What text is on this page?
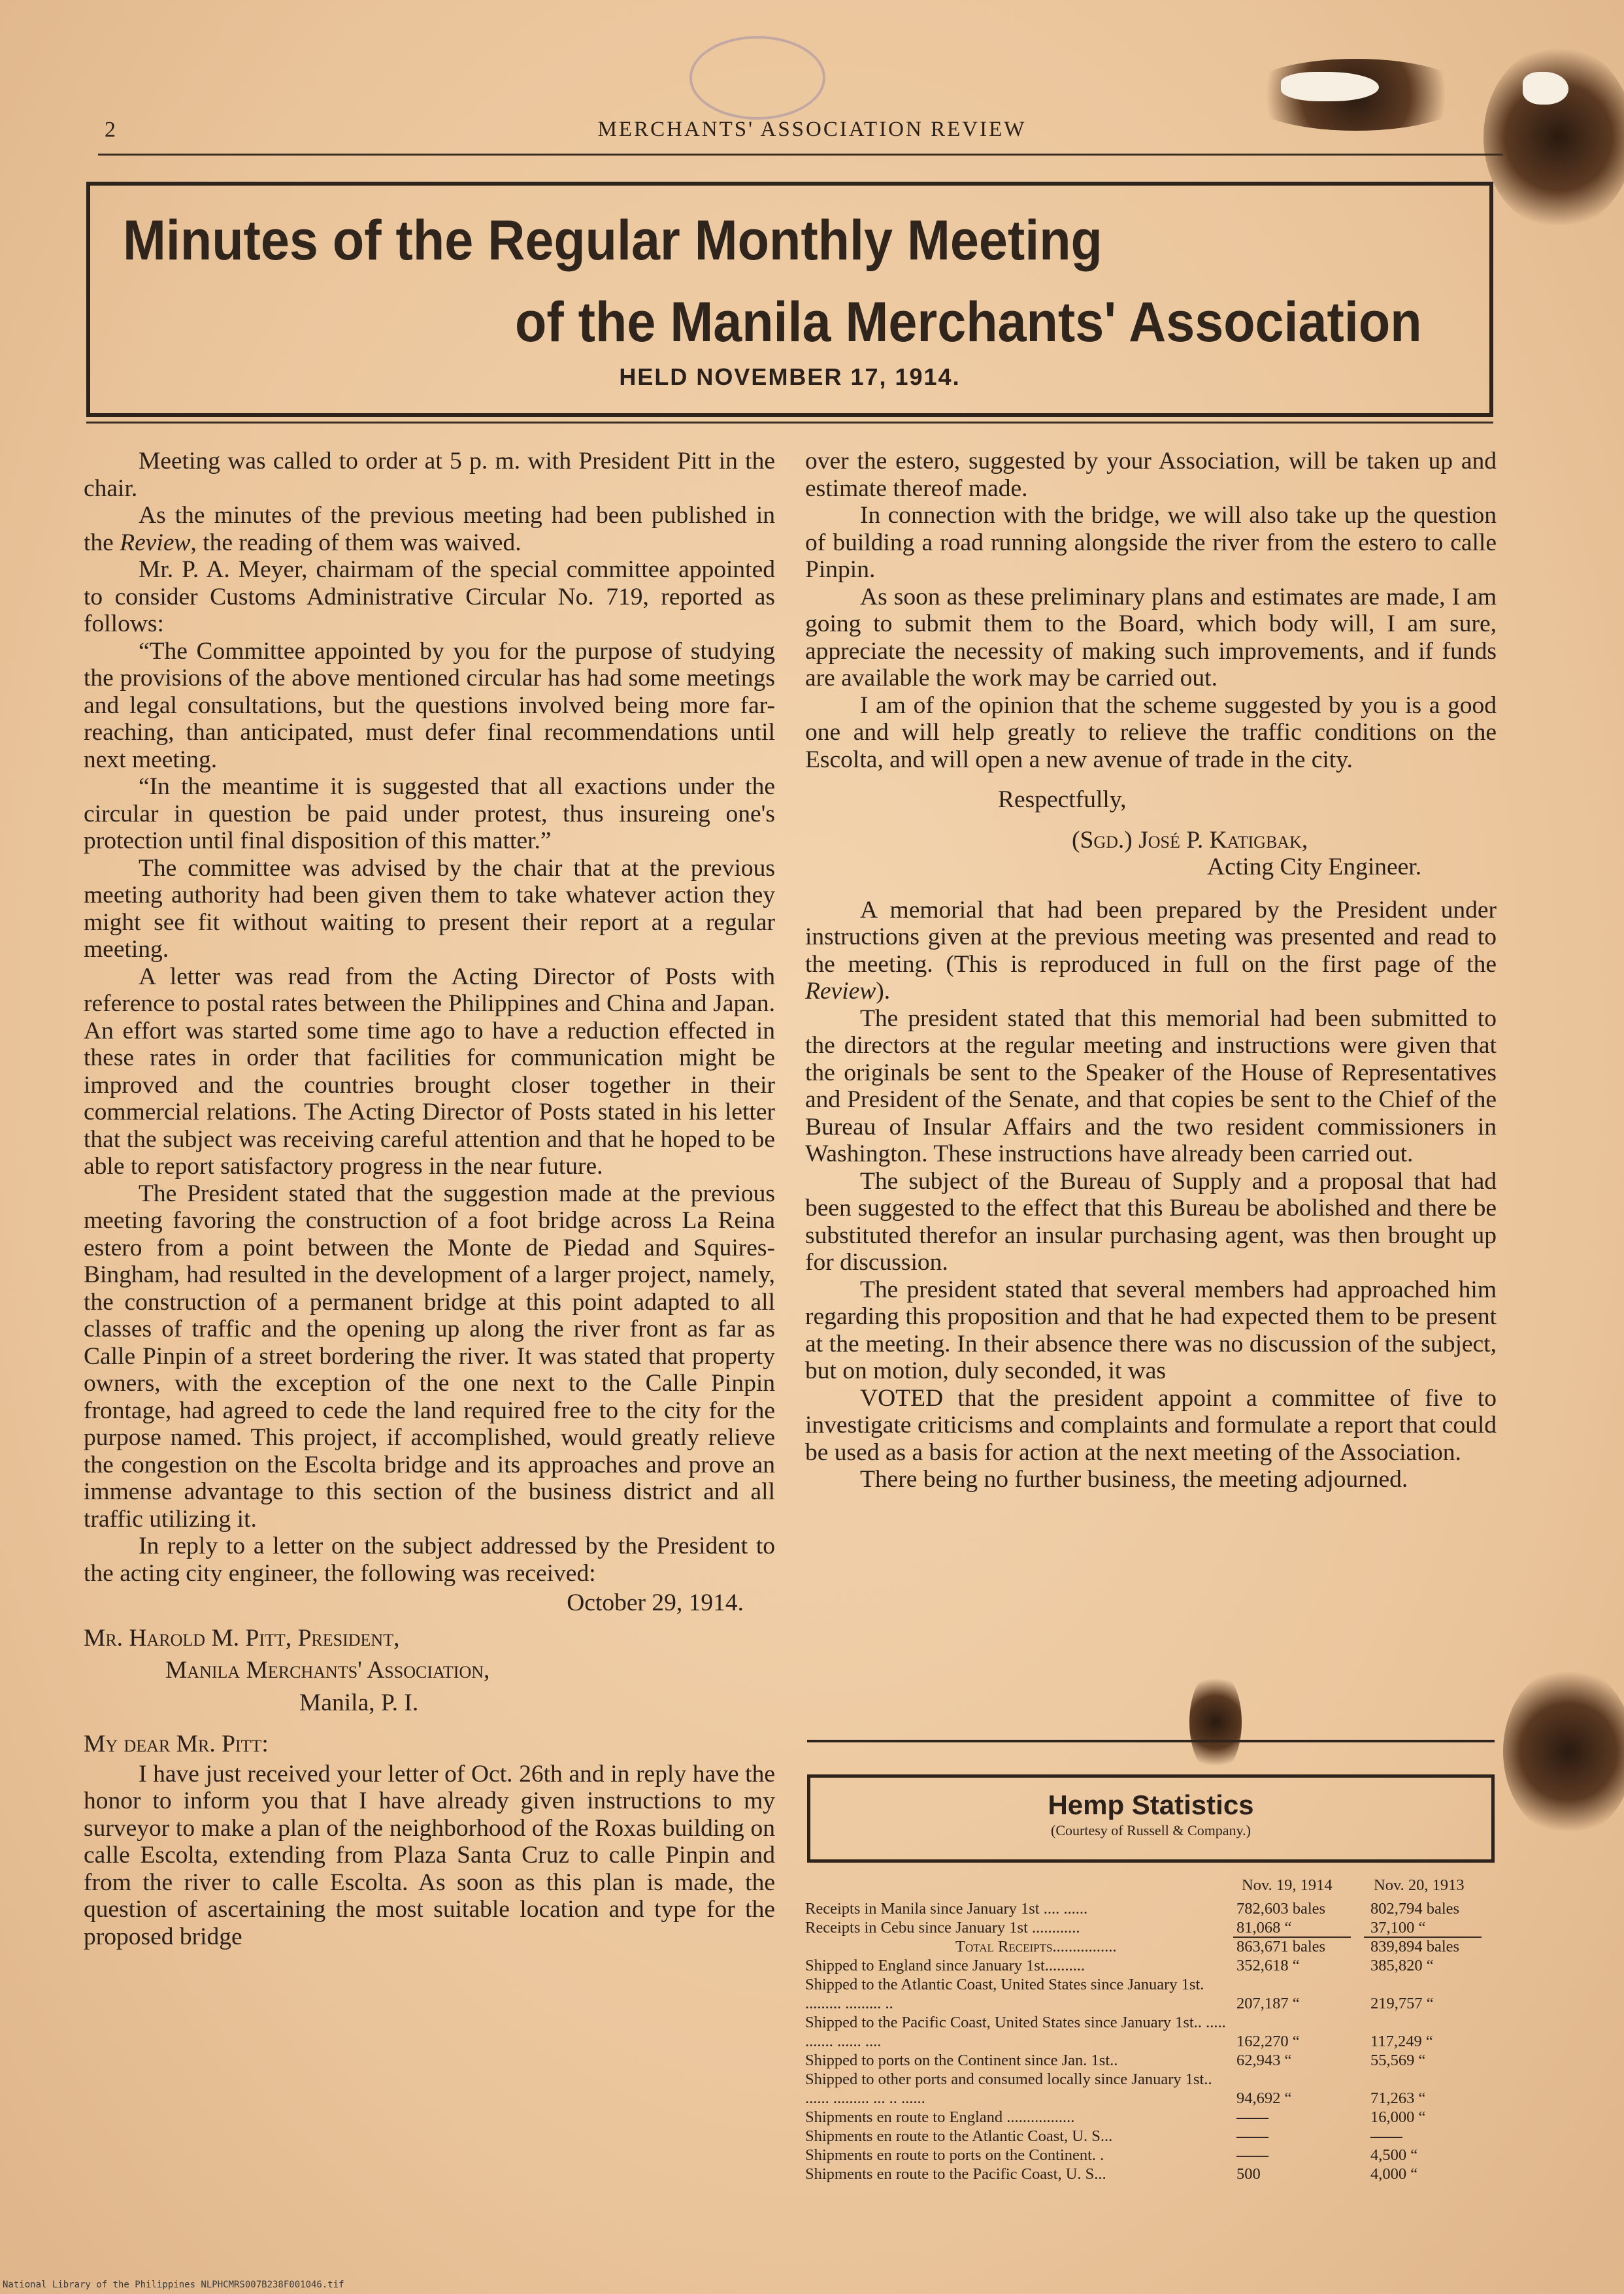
2	MERCHANTS' ASSOCIATION REVIEW
Minutes of the Regular Monthly Meeting
of the Manila Merchants' Association
HELD NOVEMBER 17, 1914.

Meeting was called to order at 5 p. m. with President Pitt in the chair.

As the minutes of the previous meeting had been published in the Review, the reading of them was waived.

Mr. P. A. Meyer, chairmam of the special committee appointed to consider Customs Administrative Circular No. 719, reported as follows:

“The Committee appointed by you for the purpose of studying the provisions of the above mentioned circular has had some meetings and legal consultations, but the questions involved being more far-reaching, than anticipated, must defer final recommendations until next meeting.

“In the meantime it is suggested that all exactions under the circular in question be paid under protest, thus insureing one's protection until final disposition of this matter.”

The committee was advised by the chair that at the previous meeting authority had been given them to take whatever action they might see fit without waiting to present their report at a regular meeting.

A letter was read from the Acting Director of Posts with reference to postal rates between the Philippines and China and Japan. An effort was started some time ago to have a reduction effected in these rates in order that facilities for communication might be improved and the countries brought closer together in their commercial relations. The Acting Director of Posts stated in his letter that the subject was receiving careful attention and that he hoped to be able to report satisfactory progress in the near future.

The President stated that the suggestion made at the previous meeting favoring the construction of a foot bridge across La Reina estero from a point between the Monte de Piedad and Squires-Bingham, had resulted in the development of a larger project, namely, the construction of a permanent bridge at this point adapted to all classes of traffic and the opening up along the river front as far as Calle Pinpin of a street bordering the river. It was stated that property owners, with the exception of the one next to the Calle Pinpin frontage, had agreed to cede the land required free to the city for the purpose named. This project, if accomplished, would greatly relieve the congestion on the Escolta bridge and its approaches and prove an immense advantage to this section of the business district and all traffic utilizing it.

In reply to a letter on the subject addressed by the President to the acting city engineer, the following was received:

October 29, 1914.

Mr. Harold M. Pitt, President,

Manila Merchants' Association,

Manila, P. I.

My dear Mr. Pitt:

I have just received your letter of Oct. 26th and in reply have the honor to inform you that I have already given instructions to my surveyor to make a plan of the neighborhood of the Roxas building on calle Escolta, extending from Plaza Santa Cruz to calle Pinpin and from the river to calle Escolta. As soon as this plan is made, the question of ascertaining the most suitable location and type for the proposed bridge

over the estero, suggested by your Association, will be taken up and estimate thereof made.

In connection with the bridge, we will also take up the question of building a road running alongside the river from the estero to calle Pinpin.

As soon as these preliminary plans and estimates are made, I am going to submit them to the Board, which body will, I am sure, appreciate the necessity of making such improvements, and if funds are available the work may be carried out.

I am of the opinion that the scheme suggested by you is a good one and will help greatly to relieve the traffic conditions on the Escolta, and will open a new avenue of trade in the city.

Respectfully,

(Sgd.) José P. Katigbak,

Acting City Engineer.

A memorial that had been prepared by the President under instructions given at the previous meeting was presented and read to the meeting. (This is reproduced in full on the first page of the Review).

The president stated that this memorial had been submitted to the directors at the regular meeting and instructions were given that the originals be sent to the Speaker of the House of Representatives and President of the Senate, and that copies be sent to the Chief of the Bureau of Insular Affairs and the two resident commissioners in Washington. These instructions have already been carried out.

The subject of the Bureau of Supply and a proposal that had been suggested to the effect that this Bureau be abolished and there be substituted therefor an insular purchasing agent, was then brought up for discussion.

The president stated that several members had approached him regarding this proposition and that he had expected them to be present at the meeting. In their absence there was no discussion of the subject, but on motion, duly seconded, it was

VOTED that the president appoint a committee of five to investigate criticisms and complaints and formulate a report that could be used as a basis for action at the next meeting of the Association.

There being no further business, the meeting adjourned.

Hemp Statistics
(Courtesy of Russell & Company.)
Nov. 19, 1914	Nov. 20, 1913
Receipts in Manila since January 1st .... ......	782,603 bales	802,794 bales
Receipts in Cebu since January 1st ............	81,068 “	37,100 “
Total Receipts................	863,671 bales	839,894 bales
Shipped to England since January 1st..........	352,618 “	385,820 “
Shipped to the Atlantic Coast, United States since January 1st. ......... ......... ..	207,187 “	219,757 “
Shipped to the Pacific Coast, United States since January 1st.. ..... ....... ...... ....	162,270 “	117,249 “
Shipped to ports on the Continent since Jan. 1st..	62,943 “	55,569 “
Shipped to other ports and consumed locally since January 1st.. ...... ......... ... .. ......	94,692 “	71,263 “
Shipments en route to England .................	——	16,000 “
Shipments en route to the Atlantic Coast, U. S...	——	——
Shipments en route to ports on the Continent. .	——	4,500 “
Shipments en route to the Pacific Coast, U. S...	500	4,000 “
National Library of the Philippines NLPHCMRS007B238F001046.tif
